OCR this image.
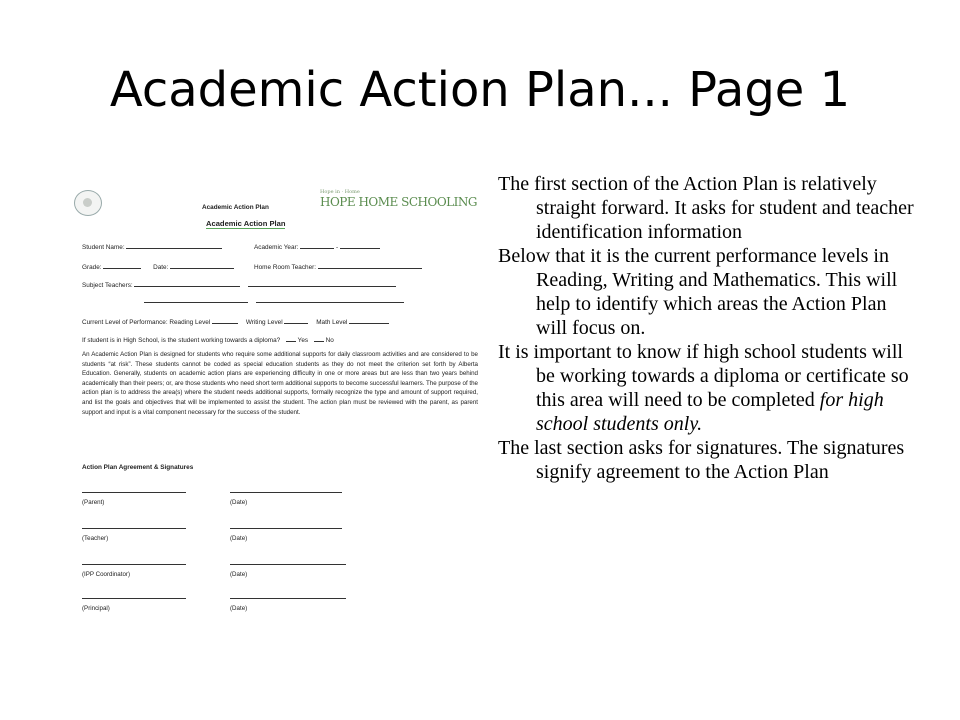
Academic Action Plan... Page 1
Hope in · Home
HOPE HOME SCHOOLING
Academic Action Plan
Academic Action Plan
Student Name:	Academic Year:	-
Grade:	Date:	Home Room Teacher:
Subject Teachers:

Current Level of Performance: Reading Level	Writing Level	Math Level
If student is in High School, is the student working towards a diploma?	Yes	No
An Academic Action Plan is designed for students who require some additional supports for daily classroom activities and are considered to be students “at risk”. These students cannot be coded as special education students as they do not meet the criterion set forth by Alberta Education. Generally, students on academic action plans are experiencing difficulty in one or more areas but are less than two years behind academically than their peers; or, are those students who need short term additional supports to become successful learners. The purpose of the action plan is to address the area(s) where the student needs additional supports, formally recognize the type and amount of support required, and list the goals and objectives that will be implemented to assist the student. The action plan must be reviewed with the parent, as parent support and input is a vital component necessary for the success of the student.
Action Plan Agreement & Signatures
(Parent)	(Date)
(Teacher)	(Date)
(IPP Coordinator)	(Date)
(Principal)	(Date)

The first section of the Action Plan is relatively straight forward. It asks for student and teacher identification information

Below that it is the current performance levels in Reading, Writing and Mathematics. This will help to identify which areas the Action Plan will focus on.

It is important to know if high school students will be working towards a diploma or certificate so this area will need to be completed for high school students only.

The last section asks for signatures. The signatures signify agreement to the Action Plan
